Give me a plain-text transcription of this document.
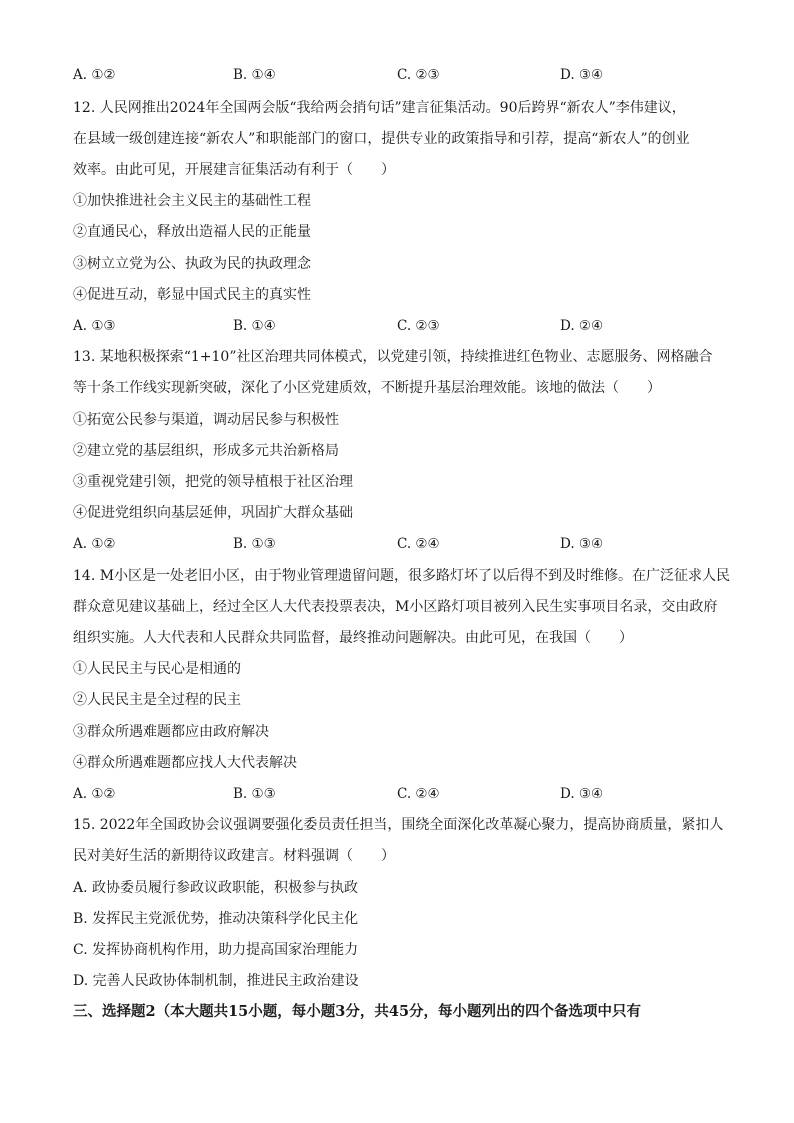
A. ①②	B. ①④	C. ②③	D. ③④
12. 人民网推出2024年全国两会版“我给两会捎句话”建言征集活动。90后跨界“新农人”李伟建议，
在县域一级创建连接“新农人”和职能部门的窗口，提供专业的政策指导和引荐，提高“新农人”的创业
效率。由此可见，开展建言征集活动有利于（　　）
①加快推进社会主义民主的基础性工程
②直通民心，释放出造福人民的正能量
③树立立党为公、执政为民的执政理念
④促进互动，彰显中国式民主的真实性
A. ①③	B. ①④	C. ②③	D. ②④
13. 某地积极探索“1+10”社区治理共同体模式，以党建引领，持续推进红色物业、志愿服务、网格融合
等十条工作线实现新突破，深化了小区党建质效，不断提升基层治理效能。该地的做法（　　）
①拓宽公民参与渠道，调动居民参与积极性
②建立党的基层组织，形成多元共治新格局
③重视党建引领，把党的领导植根于社区治理
④促进党组织向基层延伸，巩固扩大群众基础
A. ①②	B. ①③	C. ②④	D. ③④
14. M小区是一处老旧小区，由于物业管理遗留问题，很多路灯坏了以后得不到及时维修。在广泛征求人民
群众意见建议基础上，经过全区人大代表投票表决，M小区路灯项目被列入民生实事项目名录，交由政府
组织实施。人大代表和人民群众共同监督，最终推动问题解决。由此可见，在我国（　　）
①人民民主与民心是相通的
②人民民主是全过程的民主
③群众所遇难题都应由政府解决
④群众所遇难题都应找人大代表解决
A. ①②	B. ①③	C. ②④	D. ③④
15. 2022年全国政协会议强调要强化委员责任担当，围绕全面深化改革凝心聚力，提高协商质量，紧扣人
民对美好生活的新期待议政建言。材料强调（　　）
A. 政协委员履行参政议政职能，积极参与执政
B. 发挥民主党派优势，推动决策科学化民主化
C. 发挥协商机构作用，助力提高国家治理能力
D. 完善人民政协体制机制，推进民主政治建设
三、选择题2（本大题共15小题，每小题3分，共45分，每小题列出的四个备选项中只有
